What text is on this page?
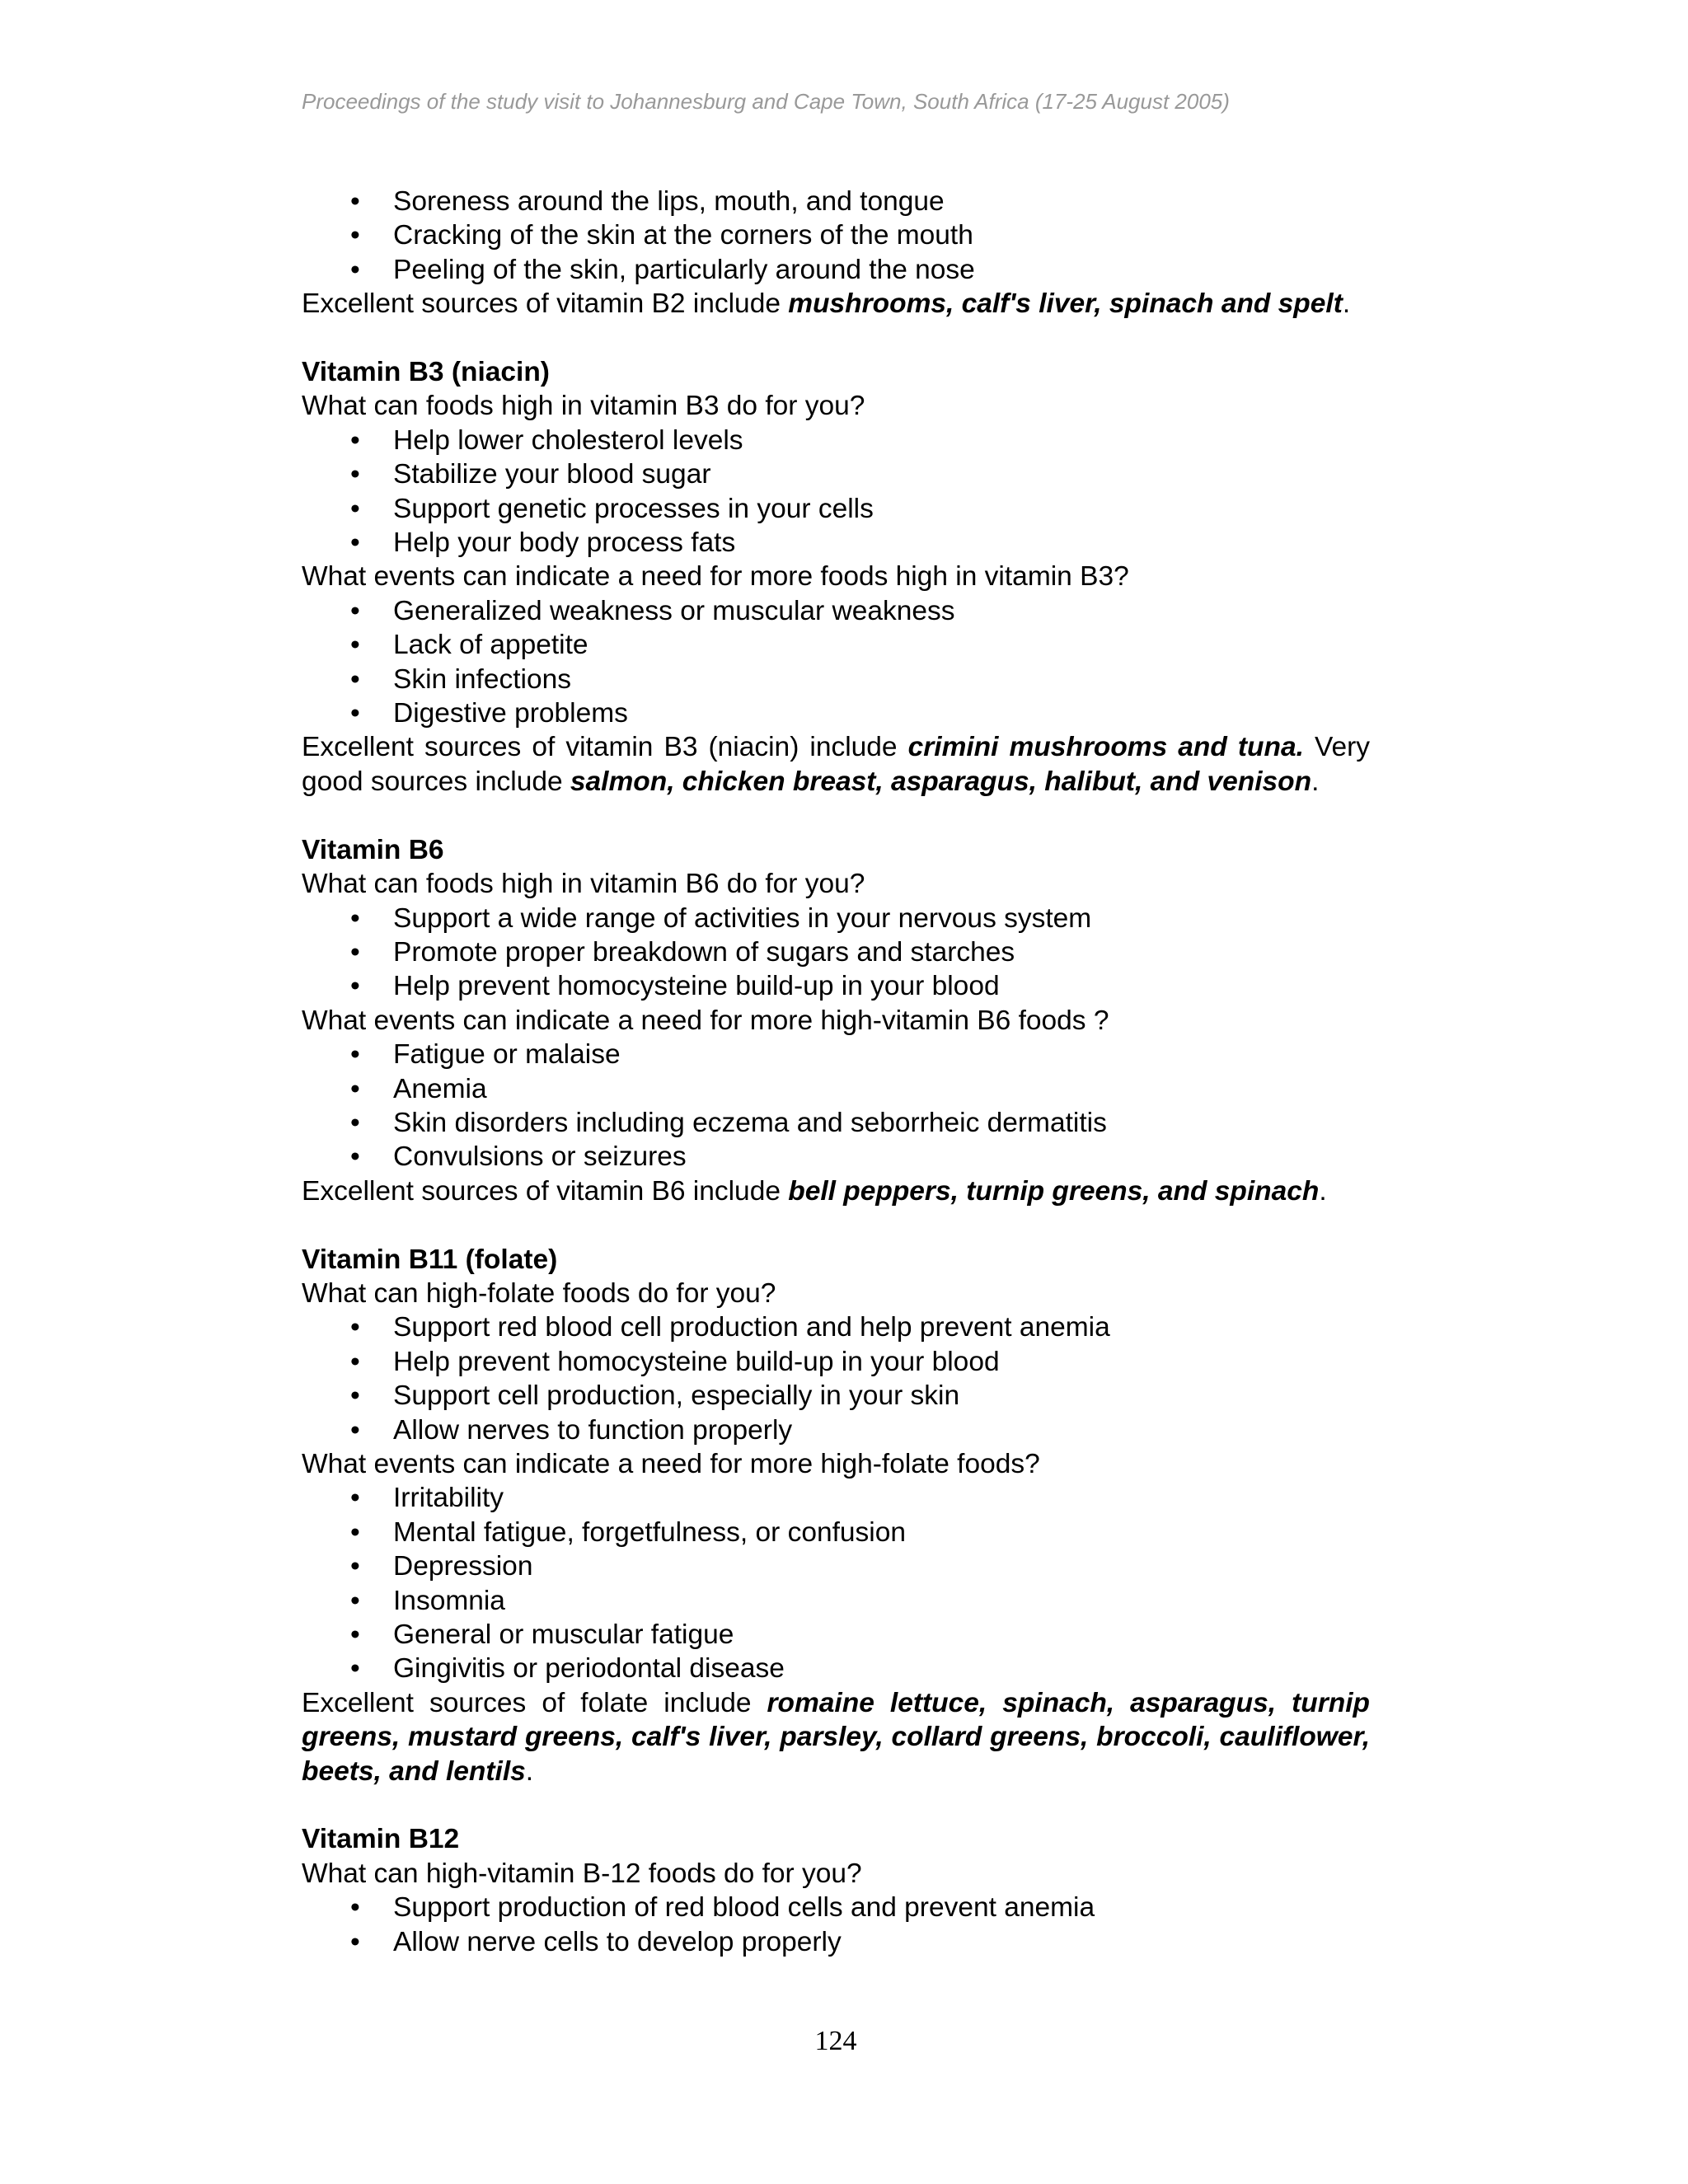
Proceedings of the study visit to Johannesburg and Cape Town, South Africa (17-25 August 2005)
• Soreness around the lips, mouth, and tongue
• Cracking of the skin at the corners of the mouth
• Peeling of the skin, particularly around the nose

Excellent sources of vitamin B2 include mushrooms, calf's liver, spinach and spelt.

Vitamin B3 (niacin)

What can foods high in vitamin B3 do for you?

• Help lower cholesterol levels
• Stabilize your blood sugar
• Support genetic processes in your cells
• Help your body process fats

What events can indicate a need for more foods high in vitamin B3?

• Generalized weakness or muscular weakness
• Lack of appetite
• Skin infections
• Digestive problems

Excellent sources of vitamin B3 (niacin) include crimini mushrooms and tuna. Very good sources include salmon, chicken breast, asparagus, halibut, and venison.

Vitamin B6

What can foods high in vitamin B6 do for you?

• Support a wide range of activities in your nervous system
• Promote proper breakdown of sugars and starches
• Help prevent homocysteine build-up in your blood

What events can indicate a need for more high-vitamin B6 foods ?

• Fatigue or malaise
• Anemia
• Skin disorders including eczema and seborrheic dermatitis
• Convulsions or seizures

Excellent sources of vitamin B6 include bell peppers, turnip greens, and spinach.

Vitamin B11 (folate)

What can high-folate foods do for you?

• Support red blood cell production and help prevent anemia
• Help prevent homocysteine build-up in your blood
• Support cell production, especially in your skin
• Allow nerves to function properly

What events can indicate a need for more high-folate foods?

• Irritability
• Mental fatigue, forgetfulness, or confusion
• Depression
• Insomnia
• General or muscular fatigue
• Gingivitis or periodontal disease

Excellent sources of folate include romaine lettuce, spinach, asparagus, turnip greens, mustard greens, calf's liver, parsley, collard greens, broccoli, cauliflower, beets, and lentils.

Vitamin B12

What can high-vitamin B-12 foods do for you?

• Support production of red blood cells and prevent anemia
• Allow nerve cells to develop properly
124
